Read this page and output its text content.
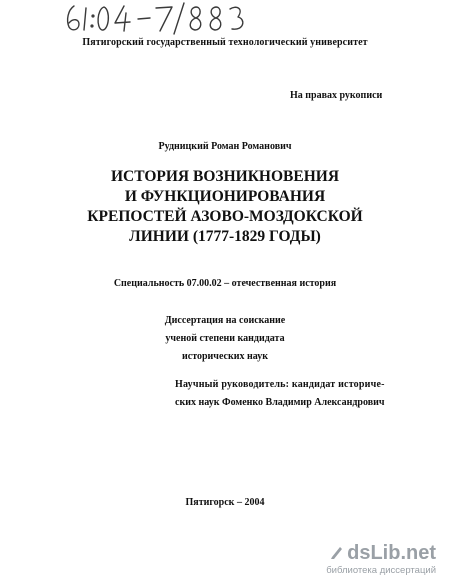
Пятигорский государственный технологический университет
На правах рукописи
Рудницкий Роман Романович
ИСТОРИЯ ВОЗНИКНОВЕНИЯ
И ФУНКЦИОНИРОВАНИЯ
КРЕПОСТЕЙ АЗОВО-МОЗДОКСКОЙ
ЛИНИИ (1777-1829 ГОДЫ)
Специальность 07.00.02 – отечественная история
Диссертация на соискание
ученой степени кандидата
исторических наук
Научный руководитель: кандидат историче-
ских наук Фоменко Владимир Александрович
Пятигорск – 2004
dsLib.net
библиотека диссертаций
